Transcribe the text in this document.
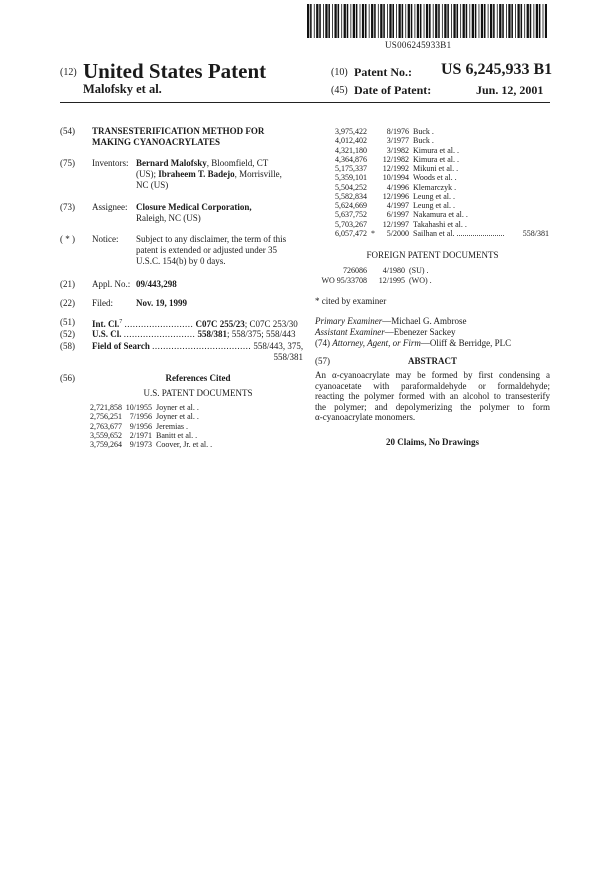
US006245933B1
(12) United States Patent
Malofsky et al.
(10) Patent No.: US 6,245,933 B1
(45) Date of Patent:	Jun. 12, 2001
(54)	TRANSESTERIFICATION METHOD FOR
MAKING CYANOACRYLATES
(75)	Inventors: Bernard Malofsky, Bloomfield, CT
(US); Ibraheem T. Badejo, Morrisville,
NC (US)
(73)	Assignee: Closure Medical Corporation,
Raleigh, NC (US)
( * )	Notice: Subject to any disclaimer, the term of this
patent is extended or adjusted under 35
U.S.C. 154(b) by 0 days.
(21)	Appl. No.: 09/443,298
(22)	Filed:	Nov. 19, 1999
(51)	Int. Cl.$^7$ ......................... C07C 255/23; C07C 253/30
(52)	U.S. Cl. .......................... 558/381; 558/375; 558/443
(58)	Field of Search .................................... 558/443, 375,
558/381
(56)	References Cited
U.S. PATENT DOCUMENTS
2,721,858 10/1955 Joyner et al. .
2,756,251 7/1956 Joyner et al. .
2,763,677 9/1956 Jeremias .
3,559,652 2/1971 Banitt et al. .
3,759,264 9/1973 Coover, Jr. et al. .
3,975,422	8/1976 Buck .
4,012,402	3/1977 Buck .
4,321,180	3/1982 Kimura et al. .
4,364,876	12/1982 Kimura et al. .
5,175,337	12/1992 Mikuni et al. .
5,359,101	10/1994 Woods et al. .
5,504,252	4/1996 Klemarczyk .
5,582,834	12/1996 Leung et al. .
5,624,669	4/1997 Leung et al. .
5,637,752	6/1997 Nakamura et al. .
5,703,267	12/1997 Takahashi et al. .
6,057,472 *	5/2000 Sailhan et al. ........................	558/381
FOREIGN PATENT DOCUMENTS
726086	4/1980 (SU) .
WO 95/33708	12/1995 (WO) .
* cited by examiner
Primary Examiner—Michael G. Ambrose
Assistant Examiner—Ebenezer Sackey
(74) Attorney, Agent, or Firm—Oliff & Berridge, PLC
(57)	ABSTRACT
An α-cyanoacrylate may be formed by first condensing a
cyanoacetate with paraformaldehyde or formaldehyde;
reacting the polymer formed with an alcohol to transesterify
the polymer; and depolymerizing the polymer to form
α-cyanoacrylate monomers.
20 Claims, No Drawings
